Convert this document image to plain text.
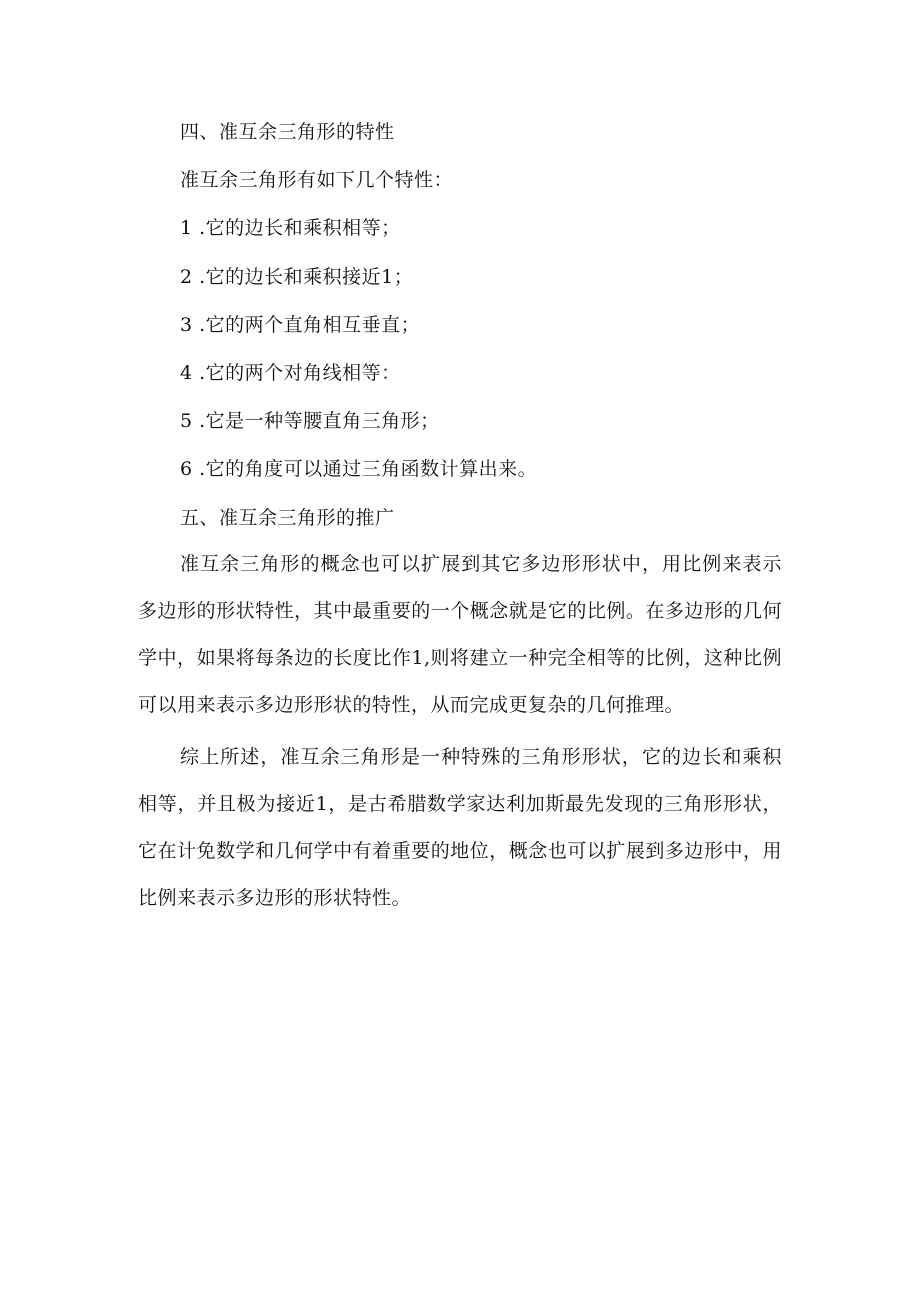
四、准互余三角形的特性
准互余三角形有如下几个特性：
1 .它的边长和乘积相等；
2 .它的边长和乘积接近1；
3 .它的两个直角相互垂直；
4 .它的两个对角线相等：
5 .它是一种等腰直角三角形；
6 .它的角度可以通过三角函数计算出来。
五、准互余三角形的推广
准互余三角形的概念也可以扩展到其它多边形形状中，用比例来表示多边形的形状特性，其中最重要的一个概念就是它的比例。在多边形的几何学中，如果将每条边的长度比作1,则将建立一种完全相等的比例，这种比例可以用来表示多边形形状的特性，从而完成更复杂的几何推理。
综上所述，准互余三角形是一种特殊的三角形形状，它的边长和乘积相等，并且极为接近1，是古希腊数学家达利加斯最先发现的三角形形状，它在计免数学和几何学中有着重要的地位，概念也可以扩展到多边形中，用比例来表示多边形的形状特性。
